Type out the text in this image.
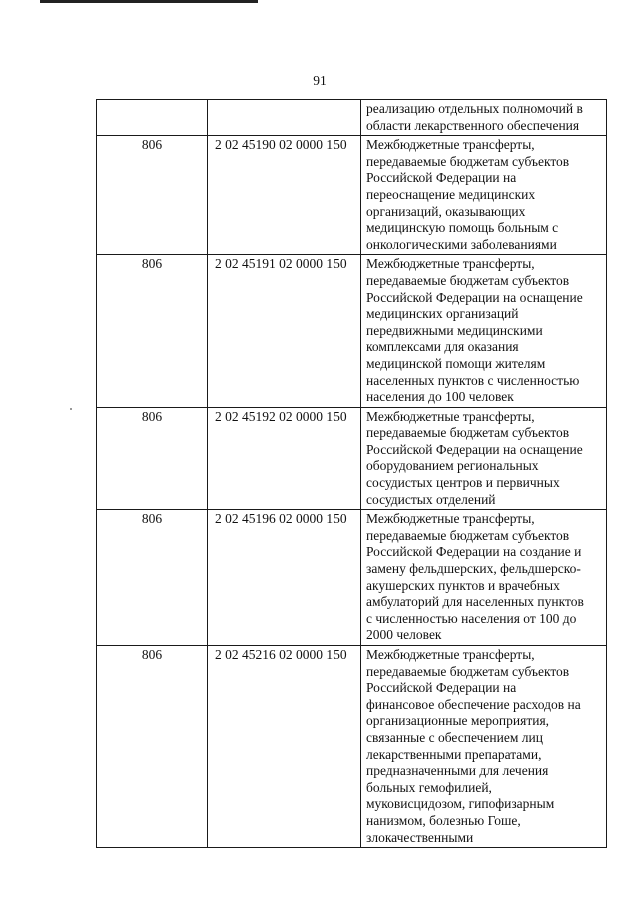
91
реализацию отдельных полномочий в
области лекарственного обеспечения
806	2 02 45190 02 0000 150	Межбюджетные трансферты,
передаваемые бюджетам субъектов
Российской Федерации на
переоснащение медицинских
организаций, оказывающих
медицинскую помощь больным с
онкологическими заболеваниями
806	2 02 45191 02 0000 150	Межбюджетные трансферты,
передаваемые бюджетам субъектов
Российской Федерации на оснащение
медицинских организаций
передвижными медицинскими
комплексами для оказания
медицинской помощи жителям
населенных пунктов с численностью
населения до 100 человек
806	2 02 45192 02 0000 150	Межбюджетные трансферты,
передаваемые бюджетам субъектов
Российской Федерации на оснащение
оборудованием региональных
сосудистых центров и первичных
сосудистых отделений
806	2 02 45196 02 0000 150	Межбюджетные трансферты,
передаваемые бюджетам субъектов
Российской Федерации на создание и
замену фельдшерских, фельдшерско-
акушерских пунктов и врачебных
амбулаторий для населенных пунктов
с численностью населения от 100 до
2000 человек
806	2 02 45216 02 0000 150	Межбюджетные трансферты,
передаваемые бюджетам субъектов
Российской Федерации на
финансовое обеспечение расходов на
организационные мероприятия,
связанные с обеспечением лиц
лекарственными препаратами,
предназначенными для лечения
больных гемофилией,
муковисцидозом, гипофизарным
нанизмом, болезнью Гоше,
злокачественными
